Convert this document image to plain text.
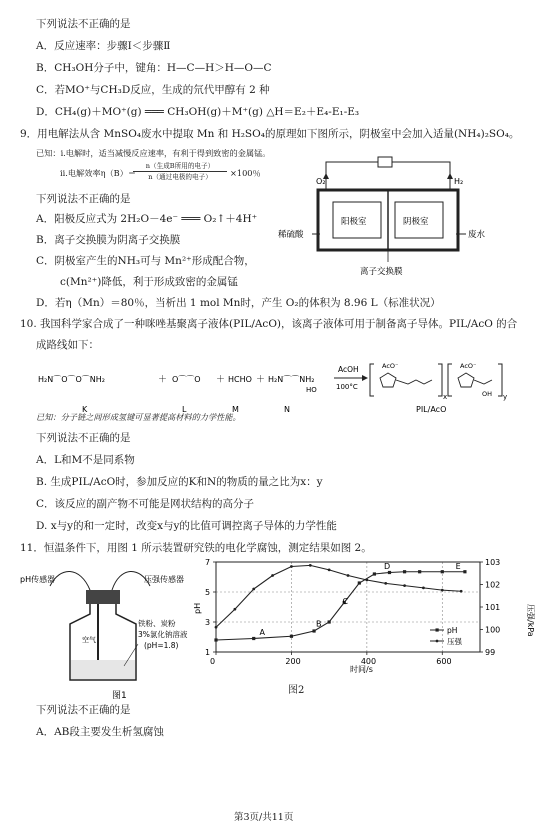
下列说法不正确的是
A．反应速率：步骤Ⅰ＜步骤Ⅱ
B．CH₃OH分子中，键角：H—C—H＞H—O—C
C．若MO⁺与CH₃D反应，生成的氘代甲醇有 2 种
D．CH₄(g)＋MO⁺(g) ═══ CH₃OH(g)＋M⁺(g) △H＝E₂＋E₄-E₁-E₃
9．用电解法从含 MnSO₄废水中提取 Mn 和 H₂SO₄的原理如下图所示，阴极室中会加入适量(NH₄)₂SO₄。
已知：i.电解时，适当减慢反应速率，有利于得到致密的金属锰。
ii.电解效率η（B）＝
n（生成B所用的电子）
n（通过电极的电子）	×100％
下列说法不正确的是
A．阳极反应式为 2H₂O－4e⁻ ═══ O₂↑＋4H⁺
B．离子交换膜为阴离子交换膜
C．阴极室产生的NH₃可与 Mn²⁺形成配合物，
c(Mn²⁺)降低，利于形成致密的金属锰
D．若η（Mn）＝80％，当析出 1 mol Mn时，产生 O₂的体积为 8.96 L（标准状况）
O₂	H₂
阳极室	阴极室
稀硫酸	废水
离子交换膜
10. 我国科学家合成了一种咪唑基聚离子液体(PIL/AcO)，该离子液体可用于制备离子导体。PIL/AcO 的合
成路线如下：
H₂N⌒O⌒O⌒NH₂	＋ O⌒⌒O ＋ HCHO ＋ H₂N⌒⌒NH₂
HO
AcOH
100°C
AcO⁻
x
AcO⁻
OH y
K	L	M	N	PIL/AcO
已知：分子链之间形成氢键可显著提高材料的力学性能。
下列说法不正确的是
A．L和M不是同系物
B. 生成PIL/AcO时，参加反应的K和N的物质的量之比为x：y
C．该反应的副产物不可能是网状结构的高分子
D. x与y的和一定时，改变x与y的比值可调控离子导体的力学性能
11．恒温条件下，用图 1 所示装置研究铁的电化学腐蚀，测定结果如图 2。
pH传感器	压强传感器
空气
铁粉、炭粉
3%氯化钠溶液
(pH=1.8)
图1
0	200	400	600
1
3
5
7
99
100
101
102
103
A
B
C
D	E
pH
压强
pH	压强/kPa
时间/s
图2
下列说法不正确的是
A．AB段主要发生析氢腐蚀
第3页/共11页
